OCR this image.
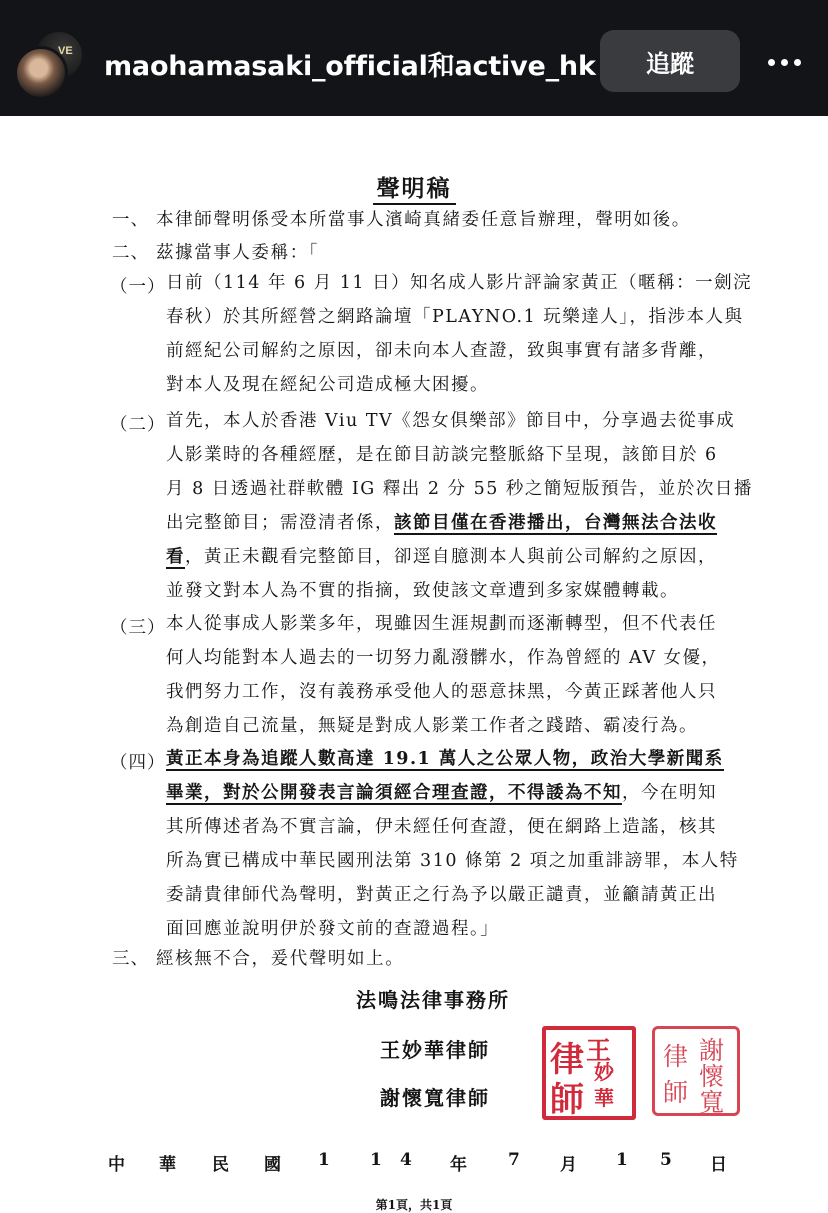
VE maohamasaki_official和active_hk	追蹤
聲明稿
一、 本律師聲明係受本所當事人濱崎真緒委任意旨辦理，聲明如後。
二、 茲據當事人委稱：「
（一） 日前（114 年 6 月 11 日）知名成人影片評論家黃正（暱稱：一劍浣
春秋）於其所經營之網路論壇「PLAYNO.1 玩樂達人」，指涉本人與
前經紀公司解約之原因，卻未向本人查證，致與事實有諸多背離，
對本人及現在經紀公司造成極大困擾。
（二） 首先，本人於香港 Viu TV《怨女俱樂部》節目中，分享過去從事成
人影業時的各種經歷，是在節目訪談完整脈絡下呈現，該節目於 6
月 8 日透過社群軟體 IG 釋出 2 分 55 秒之簡短版預告，並於次日播
出完整節目；需澄清者係，該節目僅在香港播出，台灣無法合法收
看，黃正未觀看完整節目，卻逕自臆測本人與前公司解約之原因，
並發文對本人為不實的指摘，致使該文章遭到多家媒體轉載。
（三） 本人從事成人影業多年，現雖因生涯規劃而逐漸轉型，但不代表任
何人均能對本人過去的一切努力亂潑髒水，作為曾經的 AV 女優，
我們努力工作，沒有義務承受他人的惡意抹黑，今黃正踩著他人只
為創造自己流量，無疑是對成人影業工作者之踐踏、霸凌行為。
（四） 黃正本身為追蹤人數高達 19.1 萬人之公眾人物，政治大學新聞系
畢業，對於公開發表言論須經合理查證，不得諉為不知，今在明知
其所傳述者為不實言論，伊未經任何查證，便在網路上造謠，核其
所為實已構成中華民國刑法第 310 條第 2 項之加重誹謗罪，本人特
委請貴律師代為聲明，對黃正之行為予以嚴正譴責，並籲請黃正出
面回應並說明伊於發文前的查證過程。」
三、 經核無不合，爰代聲明如上。
法鳴法律事務所
王妙華律師
謝懷寬律師
王
妙
華
律
師
謝
懷
寬
律
師
中 華 民 國 1 1 4 年 7 月 1 5 日
第1頁，共1頁
